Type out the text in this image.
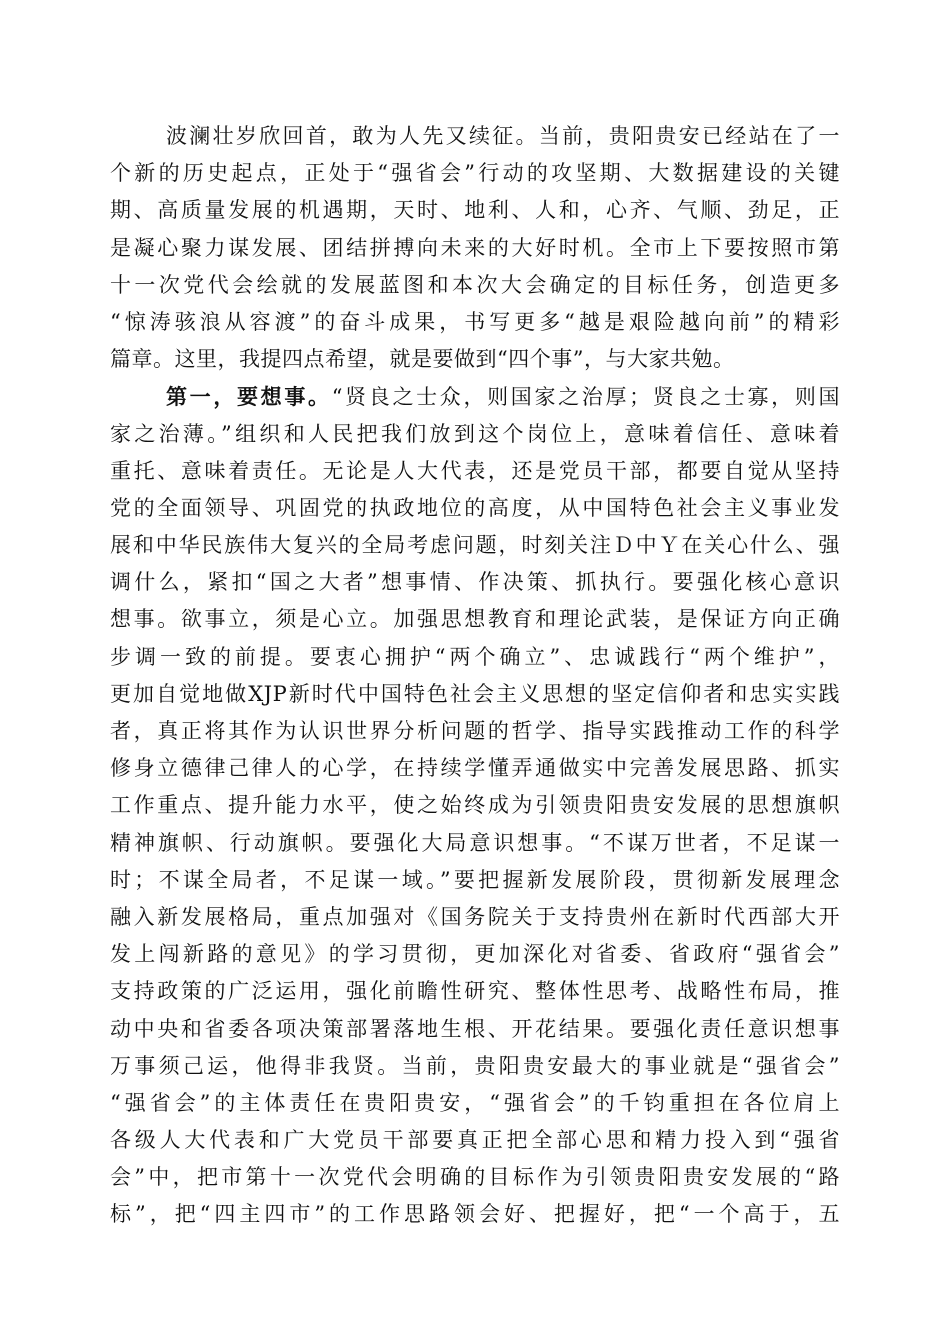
波澜壮岁欣回首，敢为人先又续征。当前，贵阳贵安已经站在了一
个新的历史起点，正处于“强省会”行动的攻坚期、大数据建设的关键
期、高质量发展的机遇期，天时、地利、人和，心齐、气顺、劲足，正
是凝心聚力谋发展、团结拼搏向未来的大好时机。全市上下要按照市第
十一次党代会绘就的发展蓝图和本次大会确定的目标任务，创造更多
“惊涛骇浪从容渡”的奋斗成果，书写更多“越是艰险越向前”的精彩
篇章。这里，我提四点希望，就是要做到“四个事”，与大家共勉。
第一，要想事。“贤良之士众，则国家之治厚；贤良之士寡，则国
家之治薄。”组织和人民把我们放到这个岗位上，意味着信任、意味着
重托、意味着责任。无论是人大代表，还是党员干部，都要自觉从坚持
党的全面领导、巩固党的执政地位的高度，从中国特色社会主义事业发
展和中华民族伟大复兴的全局考虑问题，时刻关注Ｄ中Ｙ在关心什么、强
调什么，紧扣“国之大者”想事情、作决策、抓执行。要强化核心意识
想事。欲事立，须是心立。加强思想教育和理论武装，是保证方向正确
步调一致的前提。要衷心拥护“两个确立”、忠诚践行“两个维护”，
更加自觉地做XJP新时代中国特色社会主义思想的坚定信仰者和忠实实践
者，真正将其作为认识世界分析问题的哲学、指导实践推动工作的科学
修身立德律己律人的心学，在持续学懂弄通做实中完善发展思路、抓实
工作重点、提升能力水平，使之始终成为引领贵阳贵安发展的思想旗帜
精神旗帜、行动旗帜。要强化大局意识想事。“不谋万世者，不足谋一
时；不谋全局者，不足谋一域。”要把握新发展阶段，贯彻新发展理念
融入新发展格局，重点加强对《国务院关于支持贵州在新时代西部大开
发上闯新路的意见》的学习贯彻，更加深化对省委、省政府“强省会”
支持政策的广泛运用，强化前瞻性研究、整体性思考、战略性布局，推
动中央和省委各项决策部署落地生根、开花结果。要强化责任意识想事
万事须己运，他得非我贤。当前，贵阳贵安最大的事业就是“强省会”
“强省会”的主体责任在贵阳贵安，“强省会”的千钧重担在各位肩上
各级人大代表和广大党员干部要真正把全部心思和精力投入到“强省
会”中，把市第十一次党代会明确的目标作为引领贵阳贵安发展的“路
标”，把“四主四市”的工作思路领会好、把握好，把“一个高于，五
